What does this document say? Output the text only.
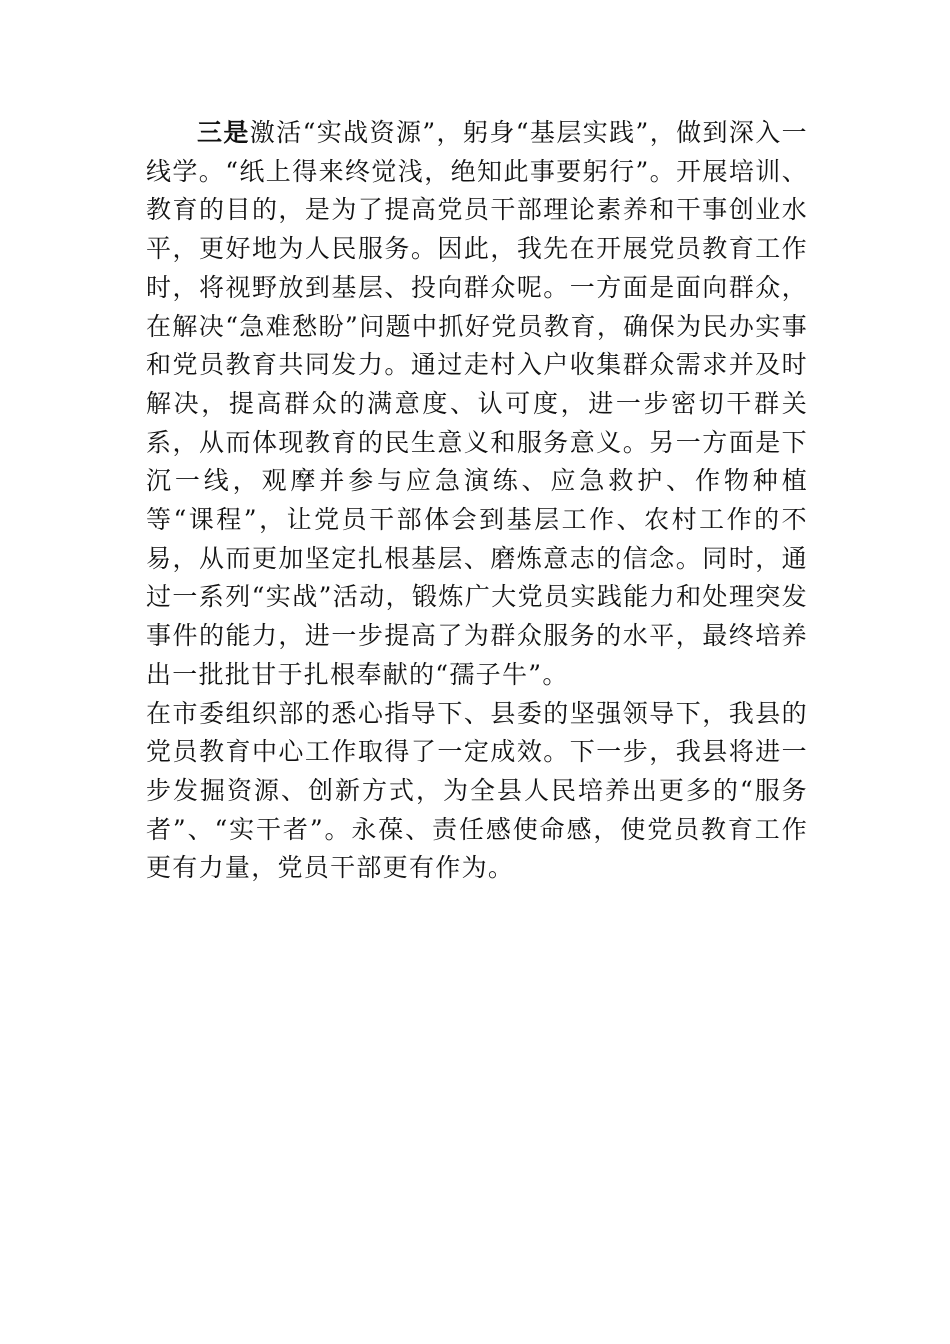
三是激活“实战资源”，躬身“基层实践”，做到深入一线学。“纸上得来终觉浅，绝知此事要躬行”。开展培训、教育的目的，是为了提高党员干部理论素养和干事创业水平，更好地为人民服务。因此，我先在开展党员教育工作时，将视野放到基层、投向群众呢。一方面是面向群众，在解决“急难愁盼”问题中抓好党员教育，确保为民办实事和党员教育共同发力。通过走村入户收集群众需求并及时解决，提高群众的满意度、认可度，进一步密切干群关系，从而体现教育的民生意义和服务意义。另一方面是下沉一线，观摩并参与应急演练、应急救护、作物种植等“课程”，让党员干部体会到基层工作、农村工作的不易，从而更加坚定扎根基层、磨炼意志的信念。同时，通过一系列“实战”活动，锻炼广大党员实践能力和处理突发事件的能力，进一步提高了为群众服务的水平，最终培养出一批批甘于扎根奉献的“孺子牛”。

在市委组织部的悉心指导下、县委的坚强领导下，我县的党员教育中心工作取得了一定成效。下一步，我县将进一步发掘资源、创新方式，为全县人民培养出更多的“服务者”、“实干者”。永葆、责任感使命感，使党员教育工作更有力量，党员干部更有作为。
